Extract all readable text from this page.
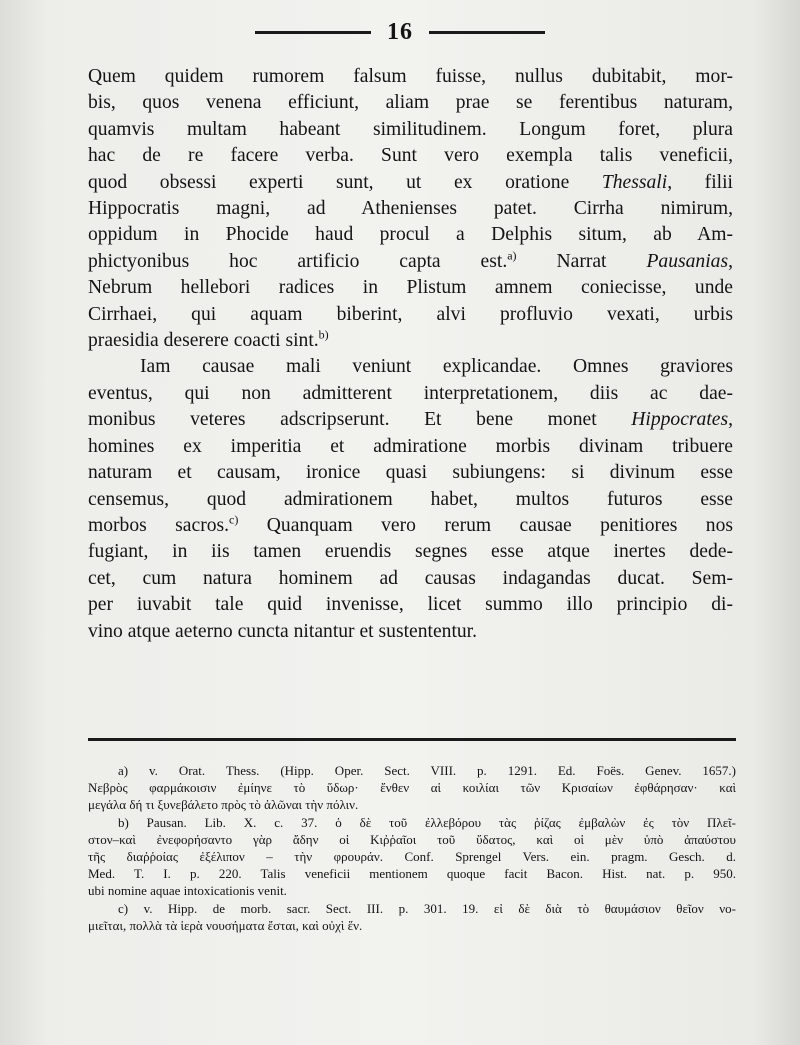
16
Quem quidem rumorem falsum fuisse, nullus dubitabit, mor-
bis, quos venena efficiunt, aliam prae se ferentibus naturam,
quamvis multam habeant similitudinem. Longum foret, plura
hac de re facere verba. Sunt vero exempla talis veneficii,
quod obsessi experti sunt, ut ex oratione Thessali, filii
Hippocratis magni, ad Athenienses patet. Cirrha nimirum,
oppidum in Phocide haud procul a Delphis situm, ab Am-
phictyonibus hoc artificio capta est.$^{a)}$ Narrat Pausanias,
Nebrum hellebori radices in Plistum amnem coniecisse, unde
Cirrhaei, qui aquam biberint, alvi profluvio vexati, urbis
praesidia deserere coacti sint.$^{b)}$
Iam causae mali veniunt explicandae. Omnes graviores
eventus, qui non admitterent interpretationem, diis ac dae-
monibus veteres adscripserunt. Et bene monet Hippocrates,
homines ex imperitia et admiratione morbis divinam tribuere
naturam et causam, ironice quasi subiungens: si divinum esse
censemus, quod admirationem habet, multos futuros esse
morbos sacros.$^{c)}$ Quanquam vero rerum causae penitiores nos
fugiant, in iis tamen eruendis segnes esse atque inertes dede-
cet, cum natura hominem ad causas indagandas ducat. Sem-
per iuvabit tale quid invenisse, licet summo illo principio di-
vino atque aeterno cuncta nitantur et sustententur.
a) v. Orat. Thess. (Hipp. Oper. Sect. VIII. p. 1291. Ed. Foës. Genev. 1657.)
Νεβρὸς φαρμάκοισιν ἐμίηνε τὸ ὕδωρ· ἔνθεν αἱ κοιλίαι τῶν Κρισαίων ἐφθάρησαν· καὶ
μεγάλα δή τι ξυνεβάλετο πρὸς τὸ ἀλῶναι τὴν πόλιν.
b) Pausan. Lib. X. c. 37. ὁ δὲ τοῦ ἐλλεβόρου τὰς ῥίζας ἐμβαλὼν ἐς τὸν Πλεῖ-
στον–καὶ ἐνεφορήσαντο γὰρ ἄδην οἱ Κιῤῥαῖοι τοῦ ὕδατος, καὶ οἱ μὲν ὑπὸ ἀπαύστου
τῆς διαῤῥοίας ἐξέλιπον – τὴν φρουράν. Conf. Sprengel Vers. ein. pragm. Gesch. d.
Med. T. I. p. 220. Talis veneficii mentionem quoque facit Bacon. Hist. nat. p. 950.
ubi nomine aquae intoxicationis venit.
c) v. Hipp. de morb. sacr. Sect. III. p. 301. 19. εἰ δὲ διὰ τὸ θαυμάσιον θεῖον νο-
μιεῖται, πολλὰ τὰ ἱερὰ νουσήματα ἔσται, καὶ οὐχὶ ἕν.
